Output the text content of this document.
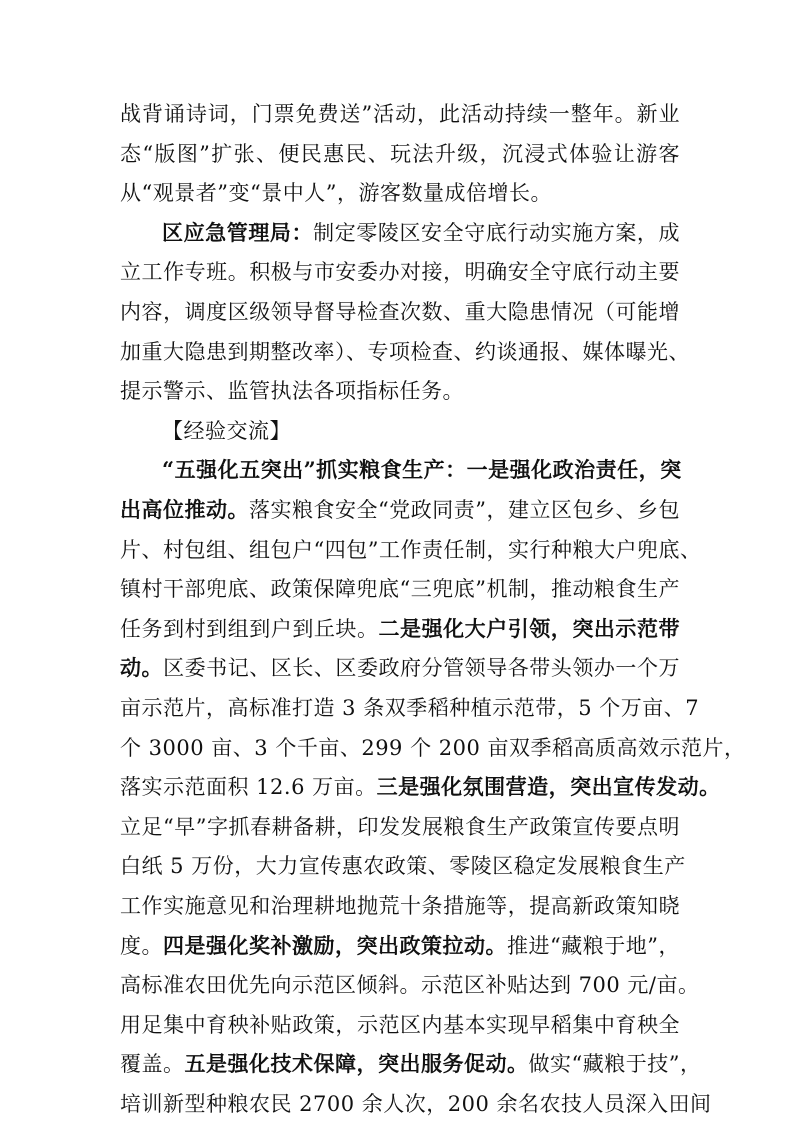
战背诵诗词，门票免费送”活动，此活动持续一整年。新业
态“版图”扩张、便民惠民、玩法升级，沉浸式体验让游客
从“观景者”变“景中人”，游客数量成倍增长。
区应急管理局：制定零陵区安全守底行动实施方案，成
立工作专班。积极与市安委办对接，明确安全守底行动主要
内容，调度区级领导督导检查次数、重大隐患情况（可能增
加重大隐患到期整改率）、专项检查、约谈通报、媒体曝光、
提示警示、监管执法各项指标任务。
【经验交流】
“五强化五突出”抓实粮食生产：一是强化政治责任，突
出高位推动。落实粮食安全“党政同责”，建立区包乡、乡包
片、村包组、组包户“四包”工作责任制，实行种粮大户兜底、
镇村干部兜底、政策保障兜底“三兜底”机制，推动粮食生产
任务到村到组到户到丘块。二是强化大户引领，突出示范带
动。区委书记、区长、区委政府分管领导各带头领办一个万
亩示范片，高标准打造 3 条双季稻种植示范带，5 个万亩、7
个 3000 亩、3 个千亩、299 个 200 亩双季稻高质高效示范片，
落实示范面积 12.6 万亩。三是强化氛围营造，突出宣传发动。
立足“早”字抓春耕备耕，印发发展粮食生产政策宣传要点明
白纸 5 万份，大力宣传惠农政策、零陵区稳定发展粮食生产
工作实施意见和治理耕地抛荒十条措施等，提高新政策知晓
度。四是强化奖补激励，突出政策拉动。推进“藏粮于地”，
高标准农田优先向示范区倾斜。示范区补贴达到 700 元/亩。
用足集中育秧补贴政策，示范区内基本实现早稻集中育秧全
覆盖。五是强化技术保障，突出服务促动。做实“藏粮于技”，
培训新型种粮农民 2700 余人次，200 余名农技人员深入田间
